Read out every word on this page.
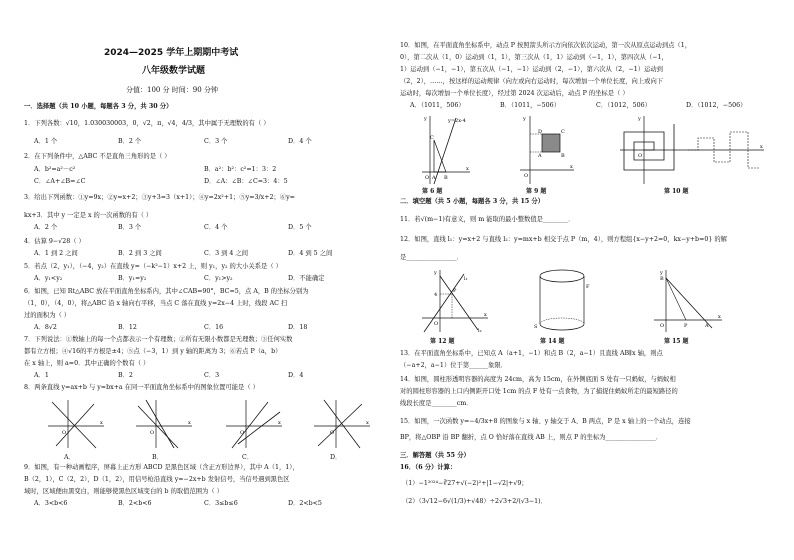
2024—2025 学年上期期中考试
八年级数学试题
分值：100 分 时间：90 分钟
一．选择题（共 10 小题，每题各 3 分，共 30 分）
1．下列各数：√10，1.030030003，0，√2，π，√4，4/3，其中属于无理数的有（ ）
A．1 个	B．2 个	C．3 个	D．4 个
2．在下列条件中，△ABC 不是直角三角形的是（ ）
A．b²=a²－c²	B．a²：b²：c²=1：3：2
C．∠A+∠B=∠C	D．∠A：∠B：∠C=3：4：5
3．给出下列函数：①y=9x；②y=x+2；③y+3=3（x+1）；④y=2x²+1；⑤y=3/x+2；⑥y=
kx+3．其中 y 一定是 x 的一次函数的有（ ）
A．2 个	B．3 个	C．4 个	D．5 个
4．估算 9−√28（ ）
A．1 到 2 之间	B．2 到 3 之间	C．3 到 4 之间	D．4 到 5 之间
5．若点（2，y₁），（−4，y₂）在直线 y=（−k²−1）x+2 上，则 y₁，y₂ 的大小关系是（ ）
A．y₁<y₂	B．y₁=y₂	C．y₁>y₂	D．不能确定
6．如图，已知 Rt△ABC 放在平面直角坐标系内，其中∠CAB=90°，BC=5，点 A，B 的坐标分别为
（1，0），（4，0），将△ABC 沿 x 轴向右平移，当点 C 落在直线 y=2x−4 上时，线段 AC 扫
过的面积为（ ）
A．8√2	B．12	C．16	D．18
7．下列说法：①数轴上的每一个点都表示一个有理数；②所有无限小数都是无理数；③任何实数
都有立方根；④√16的平方根是±4；⑤点（−3，1）到 y 轴的距离为 3；⑥若点 P（a，b）
在 x 轴上，则 a=0．其中正确的个数有（ ）
A．1	B．2	C．3	D．4
8．两条直线 y=ax+b 与 y=bx+a 在同一平面直角坐标系中的图象位置可能是（ ）
O
x
O
x
O
x
O
x
A．	B．	C．	D．
9．如图，有一种动画程序，屏幕上正方形 ABCD 是黑色区域（含正方形边界），其中 A（1，1），
B（2，1），C（2，2），D（1，2），用信号枪沿直线 y=−2x+b 发射信号，当信号遇到黑色区
域时，区域便由黑变白，则能够使黑色区域变白的 b 的取值范围为（ ）
A．3<b<6	B．2<b<6	C．3≤b≤6	D．2<b<5
10．如图，在平面直角坐标系中，动点 P 按照箭头所示方向依次依次运动，第一次从原点运动到点（1，
0），第二次从（1，0）运动到（1，1），第三次从（1，1）运动到（−1，1），第四次从（−1，
1）运动到（−1，−1），第五次从（−1，−1）运动到（2，−1），第六次从（2，−1）运动到
（2，2），……，按这样的运动规律（向左或向右运动时，每次增加一个单位长度，向上或向下
运动时，每次增加一个单位长度），经过第 2024 次运动后，动点 P 的坐标是（ ）
A．（1011，506）	B．（1011，−506）	C．（1012，506）	D．（1012，−506）
y=2x-4
y
x
O A B
C
第 6 题
y
x
O
A	B
C
D
第 9 题
y
x
O
第 10 题
二．填空题（共 5 小题，每题各 3 分，共 15 分）
11．若√(m−1)有意义，则 m 能取的最小整数值是________．
12．如图，直线 l₁：y=x+2 与直线 l₂：y=mx+b 相交于点 P（m，4），则方程组{x−y+2=0，kx−y+b=0} 的解
是________________．
y
x
O
P
4
l₁
l₂
第 12 题
S
F
第 14 题
y
x
O
B
A
P
第 15 题
13．在平面直角坐标系中，已知点 A（a+1，−1）和点 B（2，a−1）且直线 AB∥x 轴，则点
（−a+2，a−1）位于第______象限．
14．如图，圆柱形透明容器的高度为 24cm，高为 15cm，在外侧底面 S 处有一只蚂蚁，与蚂蚁相
对的圆柱形容器的上口内侧距开口处 1cm 的点 F 处有一点食物，为了捕捉住蚂蚁所走的最短路径的
线段长度是________cm．
15．如图，一次函数 y=−4/3x+8 的图象与 x 轴、y 轴交于 A、B 两点，P 是 x 轴上的一个动点，连接
BP，将△OBP 沿 BP 翻折，点 O 恰好落在直线 AB 上，则点 P 的坐标为________________．
三．解答题（共 55 分）
16．（6 分）计算：
（1）−1²⁰²⁴−∛27+√(−2)²+|1−√2|+√9；
（2）（3√12−6√(1/3)+√48）÷2√3+2/(√3−1)．
